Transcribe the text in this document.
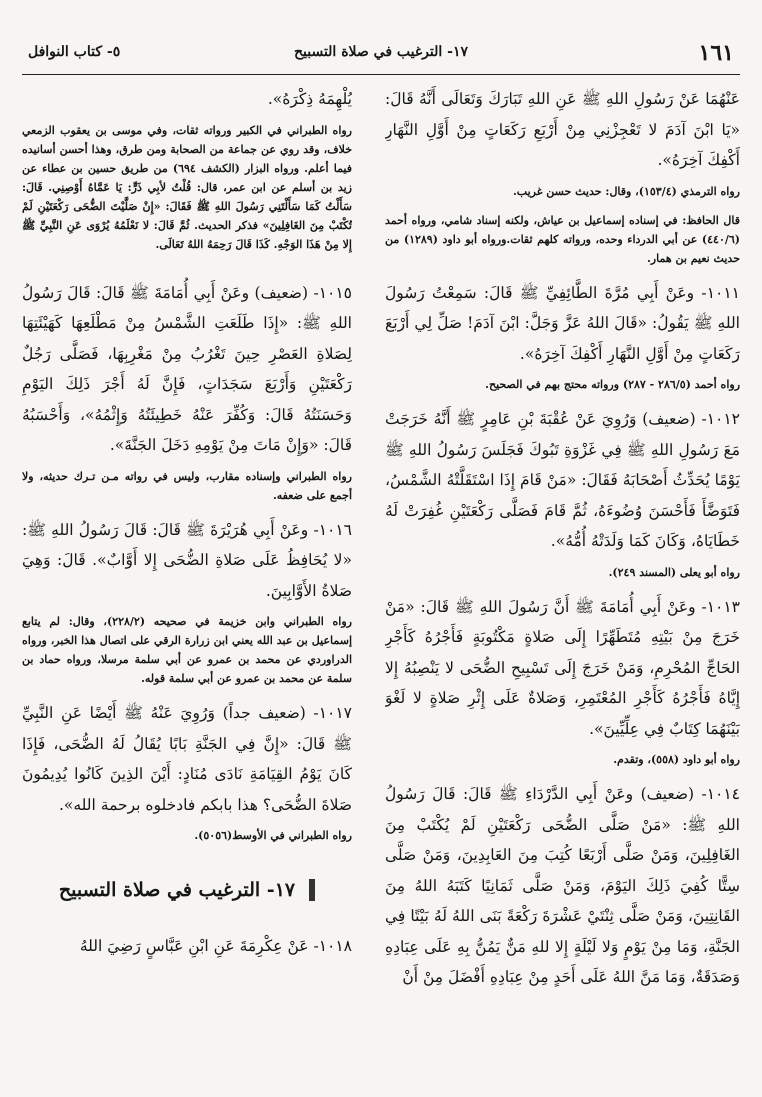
١٦١
١٧- الترغيب في صلاة التسبيح
٥- كتاب النوافل

عَنْهُمَا عَنْ رَسُولِ اللهِ ﷺ عَنِ اللهِ تَبَارَكَ وَتَعَالَى أَنَّهُ قَالَ: «يَا ابْنَ آدَمَ لا تَعْجِزْنِي مِنْ أَرْبَعِ رَكَعَاتٍ مِنْ أَوَّلِ النَّهَارِ أَكْفِكَ آخِرَهُ».

رواه الترمذي (١٥٣/٤)، وقال: حديث حسن غريب.

قال الحافظ: في إسناده إسماعيل بن عياش، ولكنه إسناد شامي، ورواه أحمد (٤٤٠/٦) عن أبي الدرداء وحده، ورواته كلهم ثقات.ورواه أبو داود (١٢٨٩) من حديث نعيم بن همار.

١٠١١- وعَنْ أَبِي مُرَّةَ الطَّائِفِيِّ ﷺ قَالَ: سَمِعْتُ رَسُولَ اللهِ ﷺ يَقُولُ: «قَالَ اللهُ عَزَّ وَجَلَّ: ابْنَ آدَمَ! صَلِّ لِي أَرْبَعَ رَكَعَاتٍ مِنْ أَوَّلِ النَّهَارِ أَكْفِكَ آخِرَهُ».

رواه أحمد (٢٨٦/٥ - ٢٨٧) ورواته محتج بهم في الصحيح.

١٠١٢- (ضعيف) وَرُوِيَ عَنْ عُقْبَةَ بْنِ عَامِرٍ ﷺ أَنَّهُ خَرَجَتْ مَعَ رَسُولِ اللهِ ﷺ فِي غَزْوَةِ تَبُوكَ فَجَلَسَ رَسُولُ اللهِ ﷺ يَوْمًا يُحَدِّثُ أَصْحَابَهُ فَقَالَ: «مَنْ قَامَ إِذَا اسْتَقَلَّتْهُ الشَّمْسُ، فَتَوَضَّأَ فَأَحْسَنَ وُضُوءَهُ، ثُمَّ قَامَ فَصَلَّى رَكْعَتَيْنِ غُفِرَتْ لَهُ خَطَايَاهُ، وَكَانَ كَمَا وَلَدَتْهُ أُمُّهُ».

رواه أبو يعلى (المسند ٢٤٩).

١٠١٣- وعَنْ أَبِي أُمَامَةَ ﷺ أَنَّ رَسُولَ اللهِ ﷺ قَالَ: «مَنْ خَرَجَ مِنْ بَيْتِهِ مُتَطَهِّرًا إِلَى صَلاةٍ مَكْتُوبَةٍ فَأَجْرُهُ كَأَجْرِ الحَاجِّ المُحْرِمِ، وَمَنْ خَرَجَ إِلَى تَسْبِيحِ الضُّحَى لا يَنْصِبُهُ إِلا إِيَّاهُ فَأَجْرُهُ كَأَجْرِ المُعْتَمِرِ، وَصَلاةٌ عَلَى إِثْرِ صَلاةٍ لا لَغْوَ بَيْنَهُمَا كِتَابٌ فِي عِلِّيِّينَ».

رواه أبو داود (٥٥٨)، وتقدم.

١٠١٤- (ضعيف) وعَنْ أَبِي الدَّرْدَاءِ ﷺ قَالَ: قَالَ رَسُولُ اللهِ ﷺ: «مَنْ صَلَّى الضُّحَى رَكْعَتَيْنِ لَمْ يُكْتَبْ مِنَ الغَافِلِينَ، وَمَنْ صَلَّى أَرْبَعًا كُتِبَ مِنَ العَابِدِينَ، وَمَنْ صَلَّى سِتًّا كُفِيَ ذَلِكَ اليَوْمَ، وَمَنْ صَلَّى ثَمَانِيًا كَتَبَهُ اللهُ مِنَ القَانِتِينَ، وَمَنْ صَلَّى ثِنْتَيْ عَشْرَةَ رَكْعَةً بَنَى اللهُ لَهُ بَيْتًا فِي الجَنَّةِ، وَمَا مِنْ يَوْمٍ وَلا لَيْلَةٍ إِلا للهِ مَنٌّ يَمُنُّ بِهِ عَلَى عِبَادِهِ وَصَدَقَةٌ، وَمَا مَنَّ اللهُ عَلَى أَحَدٍ مِنْ عِبَادِهِ أَفْضَلَ مِنْ أَنْ

يُلْهِمَهُ ذِكْرَهُ».

رواه الطبراني في الكبير ورواته ثقات، وفي موسى بن يعقوب الزمعي خلاف، وقد روي عن جماعة من الصحابة ومن طرق، وهذا أحسن أسانيده فيما أعلم. ورواه البزار (الكشف ٦٩٤) من طريق حسين بن عطاء عن زيد بن أسلم عن ابن عمر، قال: قُلْتُ لأبِي ذَرٍّ: يَا عَمَّاهُ أَوْصِنِي. قَالَ: سَأَلْتُ كَمَا سَأَلْتَنِي رَسُولَ اللهِ ﷺ فَقَالَ: «إِنْ صَلَّيْتَ الضُّحَى رَكْعَتَيْنِ لَمْ تُكْتَبْ مِنَ الغَافِلِينَ» فذكر الحديث. ثُمَّ قَالَ: لا نَعْلَمُهُ يُرْوَى عَنِ النَّبِيِّ ﷺ إِلا مِنْ هَذَا الوَجْهِ. كَذَا قَالَ رَحِمَهُ اللهُ تَعَالَى.

١٠١٥- (ضعيف) وعَنْ أَبِي أُمَامَةَ ﷺ قَالَ: قَالَ رَسُولُ اللهِ ﷺ: «إِذَا طَلَعَتِ الشَّمْسُ مِنْ مَطْلَعِهَا كَهَيْئَتِهَا لِصَلاةِ العَصْرِ حِينَ تَغْرُبُ مِنْ مَغْرِبِهَا، فَصَلَّى رَجُلٌ رَكْعَتَيْنِ وَأَرْبَعَ سَجَدَاتٍ، فَإِنَّ لَهُ أَجْرَ ذَلِكَ اليَوْمِ وَحَسَنَتُهُ قَالَ: وَكُفِّرَ عَنْهُ خَطِيئَتُهُ وَإِثْمُهُ»، وَأَحْسَبُهُ قَالَ: «وَإِنْ مَاتَ مِنْ يَوْمِهِ دَخَلَ الجَنَّةَ».

رواه الطبراني وإسناده مقارب، وليس في رواته مـن تـرك حديثه، ولا أجمع على ضعفه.

١٠١٦- وعَنْ أَبِي هُرَيْرَةَ ﷺ قَالَ: قَالَ رَسُولُ اللهِ ﷺ: «لا يُحَافِظُ عَلَى صَلاةِ الضُّحَى إِلا أَوَّابٌ». قَالَ: وَهِيَ صَلاةُ الأَوَّابِينَ.

رواه الطبراني وابن خزيمة في صحيحه (٢٢٨/٢)، وقال: لم يتابع إسماعيل بن عبد الله يعني ابن زرارة الرقي على اتصال هذا الخبر، ورواه الدراوردي عن محمد بن عمرو عن أبي سلمة مرسلا، ورواه حماد بن سلمة عن محمد بن عمرو عن أبي سلمة قوله.

١٠١٧- (ضعيف جداً) وَرُوِيَ عَنْهُ ﷺ أَيْضًا عَنِ النَّبِيِّ ﷺ قَالَ: «إِنَّ فِي الجَنَّةِ بَابًا يُقَالُ لَهُ الضُّحَى، فَإِذَا كَانَ يَوْمُ القِيَامَةِ نَادَى مُنَادٍ: أَيْنَ الذِينَ كَانُوا يُدِيمُونَ صَلاةَ الضُّحَى؟ هذا بابكم فادخلوه برحمة الله».

رواه الطبراني في الأوسط(٥٠٥٦).

١٧- الترغيب في صلاة التسبيح

١٠١٨- عَنْ عِكْرِمَةَ عَنِ ابْنِ عَبَّاسٍ رَضِيَ اللهُ
